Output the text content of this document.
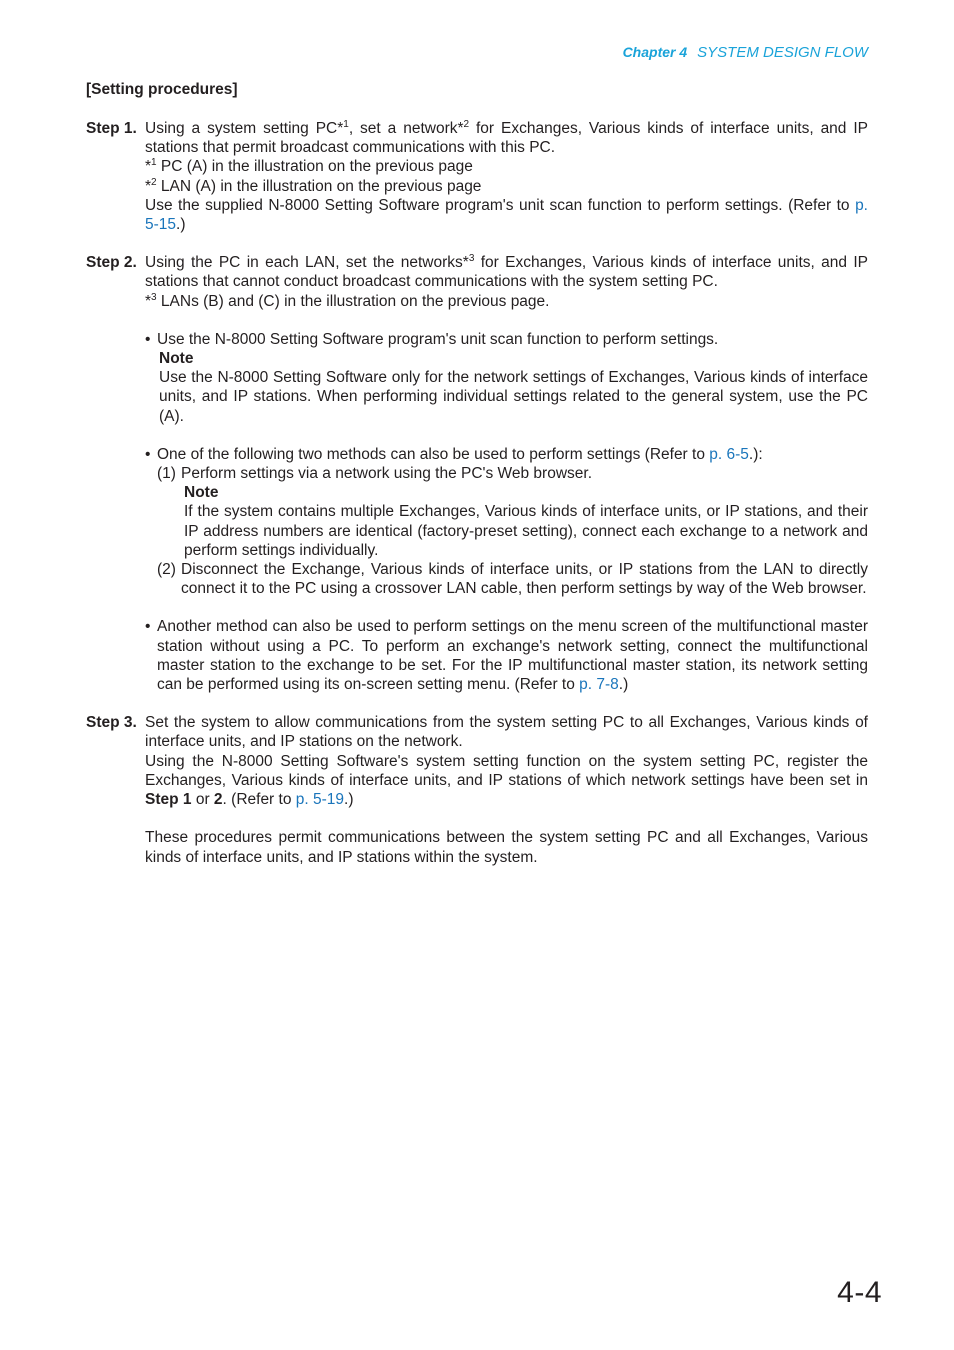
Chapter 4 SYSTEM DESIGN FLOW
[Setting procedures]
Step 1. Using a system setting PC*$^1$, set a network*$^2$ for Exchanges, Various kinds of interface units, and IP stations that permit broadcast communications with this PC.

*$^1$ PC (A) in the illustration on the previous page

*$^2$ LAN (A) in the illustration on the previous page

Use the supplied N-8000 Setting Software program's unit scan function to perform settings. (Refer to p. 5-15.)

Step 2. Using the PC in each LAN, set the networks*$^3$ for Exchanges, Various kinds of interface units, and IP stations that cannot conduct broadcast communications with the system setting PC.

*$^3$ LANs (B) and (C) in the illustration on the previous page.

• Use the N-8000 Setting Software program's unit scan function to perform settings.

Note

Use the N-8000 Setting Software only for the network settings of Exchanges, Various kinds of interface units, and IP stations. When performing individual settings related to the general system, use the PC (A).

• One of the following two methods can also be used to perform settings (Refer to p. 6-5.):

(1) Perform settings via a network using the PC's Web browser.

Note

If the system contains multiple Exchanges, Various kinds of interface units, or IP stations, and their IP address numbers are identical (factory-preset setting), connect each exchange to a network and perform settings individually.

(2) Disconnect the Exchange, Various kinds of interface units, or IP stations from the LAN to directly connect it to the PC using a crossover LAN cable, then perform settings by way of the Web browser.

• Another method can also be used to perform settings on the menu screen of the multifunctional master station without using a PC. To perform an exchange's network setting, connect the multifunctional master station to the exchange to be set. For the IP multifunctional master station, its network setting can be performed using its on-screen setting menu. (Refer to p. 7-8.)

Step 3. Set the system to allow communications from the system setting PC to all Exchanges, Various kinds of interface units, and IP stations on the network.

Using the N-8000 Setting Software's system setting function on the system setting PC, register the Exchanges, Various kinds of interface units, and IP stations of which network settings have been set in Step 1 or 2. (Refer to p. 5-19.)

These procedures permit communications between the system setting PC and all Exchanges, Various kinds of interface units, and IP stations within the system.

4-4
